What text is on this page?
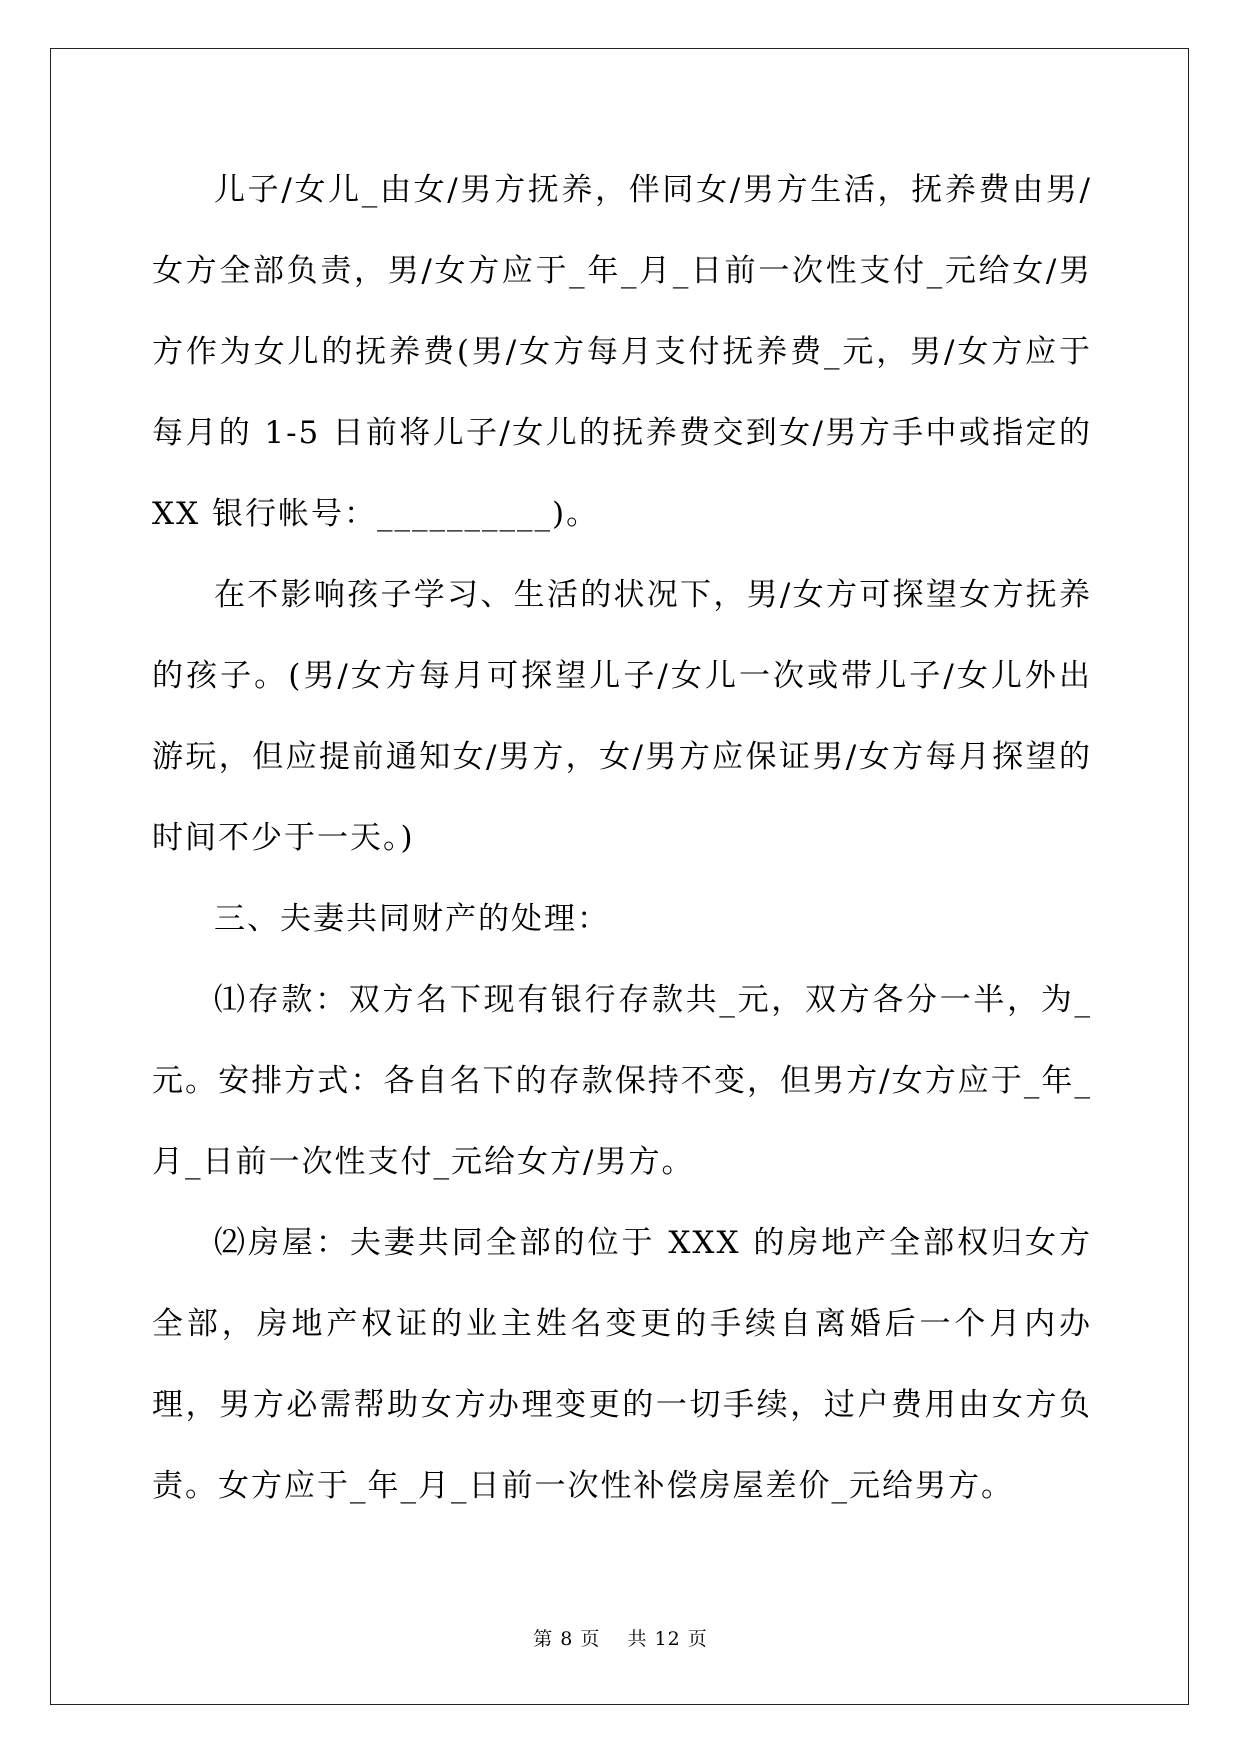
儿子/女儿_由女/男方抚养，伴同女/男方生活，抚养费由男/女方全部负责，男/女方应于_年_月_日前一次性支付_元给女/男方作为女儿的抚养费(男/女方每月支付抚养费_元，男/女方应于每月的 1-5 日前将儿子/女儿的抚养费交到女/男方手中或指定的 XX 银行帐号：__________)。

在不影响孩子学习、生活的状况下，男/女方可探望女方抚养的孩子。(男/女方每月可探望儿子/女儿一次或带儿子/女儿外出游玩，但应提前通知女/男方，女/男方应保证男/女方每月探望的时间不少于一天。)

三、夫妻共同财产的处理：

⑴存款：双方名下现有银行存款共_元，双方各分一半，为_元。安排方式：各自名下的存款保持不变，但男方/女方应于_年_月_日前一次性支付_元给女方/男方。

⑵房屋：夫妻共同全部的位于 XXX 的房地产全部权归女方全部，房地产权证的业主姓名变更的手续自离婚后一个月内办理，男方必需帮助女方办理变更的一切手续，过户费用由女方负责。女方应于_年_月_日前一次性补偿房屋差价_元给男方。

第 8 页 共 12 页
